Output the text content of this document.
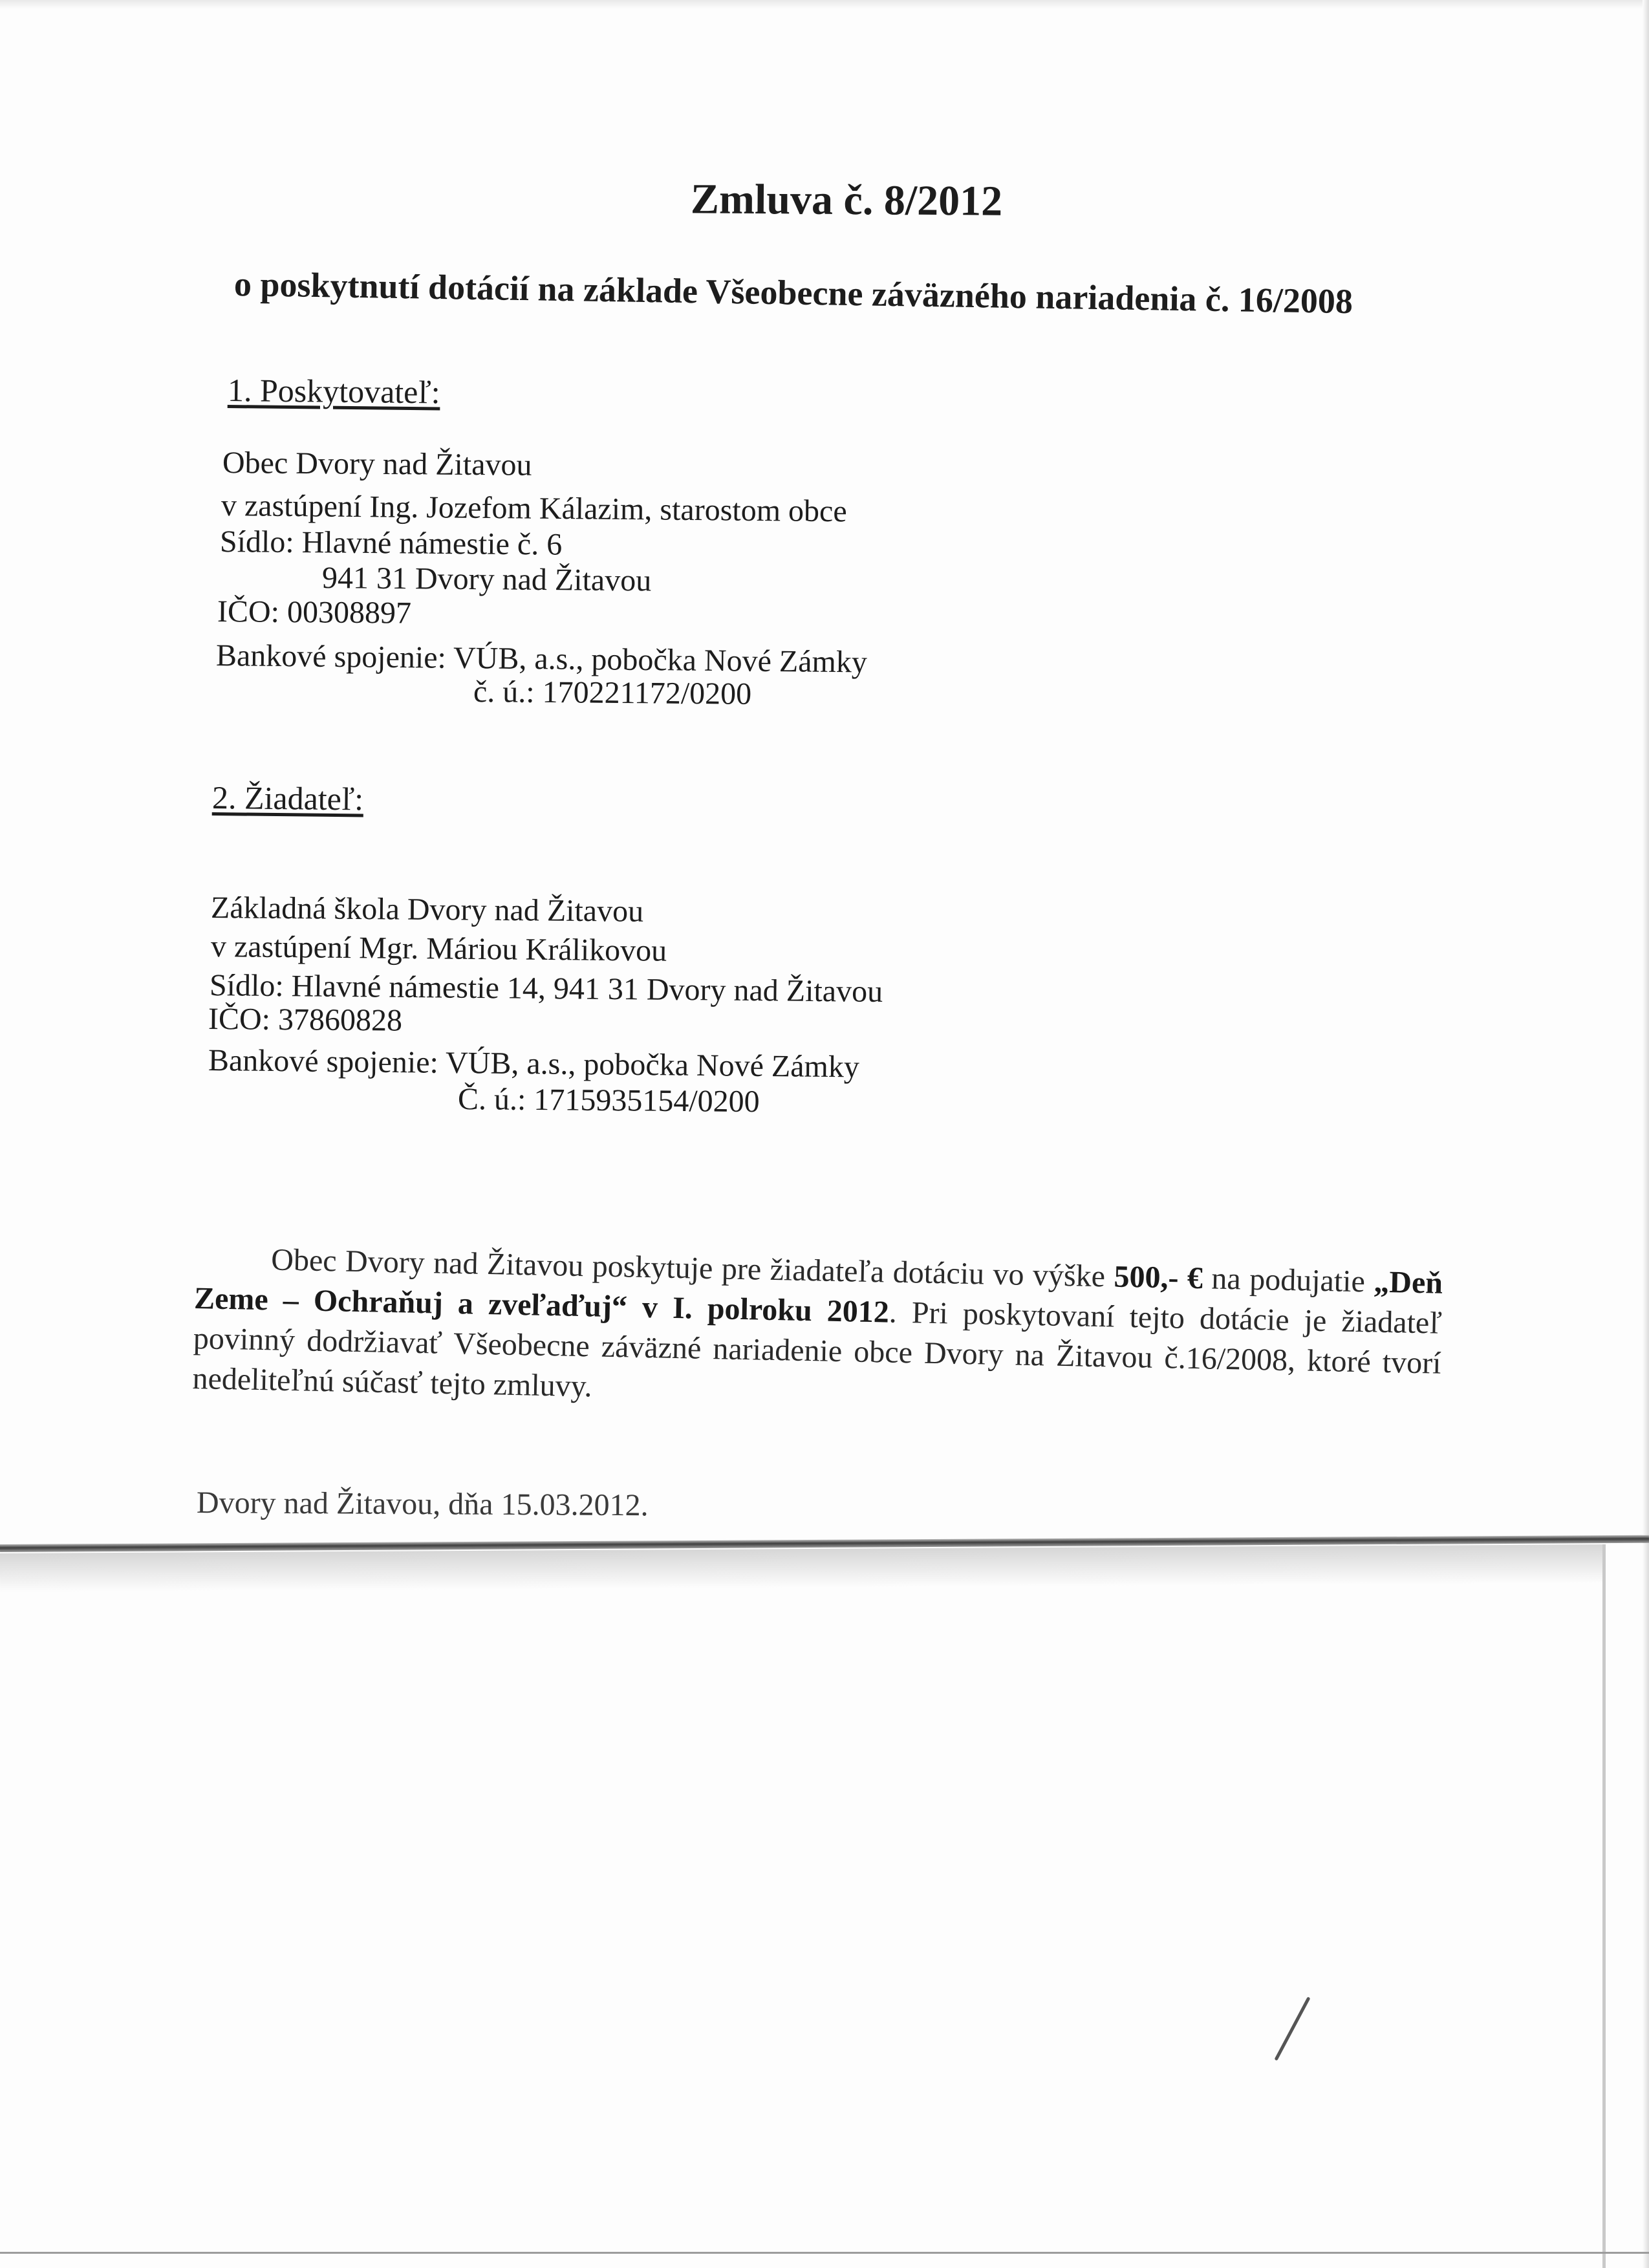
Zmluva č. 8/2012
o poskytnutí dotácií na základe Všeobecne záväzného nariadenia č. 16/2008
1. Poskytovateľ:
Obec Dvory nad Žitavou
v zastúpení Ing. Jozefom Kálazim, starostom obce
Sídlo: Hlavné námestie č. 6
941 31 Dvory nad Žitavou
IČO: 00308897
Bankové spojenie: VÚB, a.s., pobočka Nové Zámky
č. ú.: 170221172/0200
2. Žiadateľ:
Základná škola Dvory nad Žitavou
v zastúpení Mgr. Máriou Králikovou
Sídlo: Hlavné námestie 14, 941 31 Dvory nad Žitavou
IČO: 37860828
Bankové spojenie: VÚB, a.s., pobočka Nové Zámky
Č. ú.: 1715935154/0200

Obec Dvory nad Žitavou poskytuje pre žiadateľa dotáciu vo výške 500,- € na podujatie „Deň Zeme – Ochraňuj a zveľaďuj“ v I. polroku 2012. Pri poskytovaní tejto dotácie je žiadateľ povinný dodržiavať Všeobecne záväzné nariadenie obce Dvory na Žitavou č.16/2008, ktoré tvorí nedeliteľnú súčasť tejto zmluvy.

Dvory nad Žitavou, dňa 15.03.2012.
